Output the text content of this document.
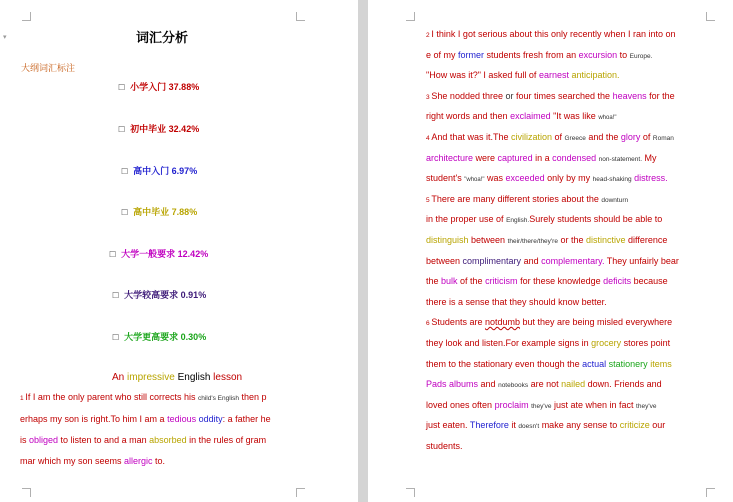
▾	词汇分析
大纲词汇标注
☐ 小学入门 37.88%
☐ 初中毕业 32.42%
☐ 高中入门 6.97%
☐ 高中毕业 7.88%
☐ 大学一般要求 12.42%
☐ 大学较高要求 0.91%
☐ 大学更高要求 0.30%
An impressive English lesson
1 If I am the only parent who still corrects his child's English then p
erhaps my son is right.To him I am a tedious oddity: a father he
is obliged to listen to and a man absorbed in the rules of gram
mar which my son seems allergic to.
2 I think I got serious about this only recently when I ran into on
e of my former students fresh from an excursion to Europe.
"How was it?" I asked full of earnest anticipation.
3 She nodded three or four times searched the heavens for the
right words and then exclaimed "It was like whoa!"
4 And that was it.The civilization of Greece and the glory of Roman
architecture were captured in a condensed non-statement. My
student's "whoa!" was exceeded only by my head-shaking distress.
5 There are many different stories about the downturn
in the proper use of English.Surely students should be able to
distinguish between their/there/they're or the distinctive difference
between complimentary and complementary. They unfairly bear
the bulk of the criticism for these knowledge deficits because
there is a sense that they should know better.
6 Students are notdumb but they are being misled everywhere
they look and listen.For example signs in grocery stores point
them to the stationary even though the actual stationery items
Pads albums and notebooks are not nailed down. Friends and
loved ones often proclaim they've just ate when in fact they've
just eaten. Therefore it doesn't make any sense to criticize our
students.
